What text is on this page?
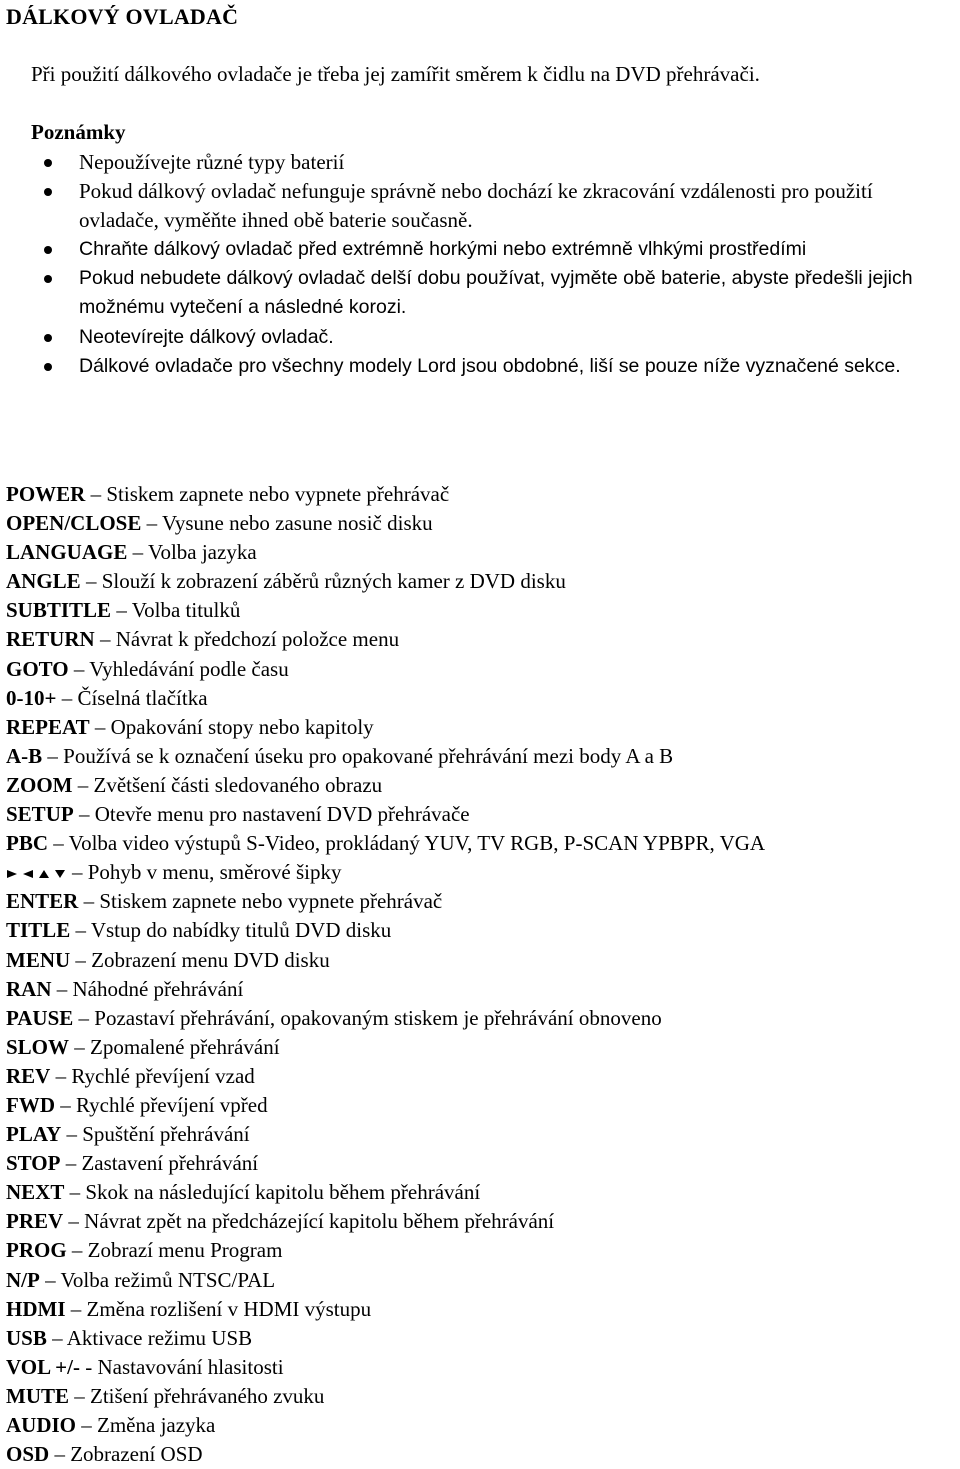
DÁLKOVÝ OVLADAČ

Při použití dálkového ovladače je třeba jej zamířit směrem k čidlu na DVD přehrávači.

Poznámky

Nepoužívejte různé typy baterií
Pokud dálkový ovladač nefunguje správně nebo dochází ke zkracování vzdálenosti pro použití ovladače, vyměňte ihned obě baterie současně.
Chraňte dálkový ovladač před extrémně horkými nebo extrémně vlhkými prostředími
Pokud nebudete dálkový ovladač delší dobu používat, vyjměte obě baterie, abyste předešli jejich možnému vytečení a následné korozi.
Neotevírejte dálkový ovladač.
Dálkové ovladače pro všechny modely Lord jsou obdobné, liší se pouze níže vyznačené sekce.
POWER – Stiskem zapnete nebo vypnete přehrávač
OPEN/CLOSE – Vysune nebo zasune nosič disku
LANGUAGE – Volba jazyka
ANGLE – Slouží k zobrazení záběrů různých kamer z DVD disku
SUBTITLE – Volba titulků
RETURN – Návrat k předchozí položce menu
GOTO – Vyhledávání podle času
0-10+ – Číselná tlačítka
REPEAT – Opakování stopy nebo kapitoly
A-B – Používá se k označení úseku pro opakované přehrávání mezi body A a B
ZOOM – Zvětšení části sledovaného obrazu
SETUP – Otevře menu pro nastavení DVD přehrávače
PBC – Volba video výstupů S-Video, prokládaný YUV, TV RGB, P-SCAN YPBPR, VGA
– Pohyb v menu, směrové šipky
ENTER – Stiskem zapnete nebo vypnete přehrávač
TITLE – Vstup do nabídky titulů DVD disku
MENU – Zobrazení menu DVD disku
RAN – Náhodné přehrávání
PAUSE – Pozastaví přehrávání, opakovaným stiskem je přehrávání obnoveno
SLOW – Zpomalené přehrávání
REV – Rychlé převíjení vzad
FWD – Rychlé převíjení vpřed
PLAY – Spuštění přehrávání
STOP – Zastavení přehrávání
NEXT – Skok na následující kapitolu během přehrávání
PREV – Návrat zpět na předcházející kapitolu během přehrávání
PROG – Zobrazí menu Program
N/P – Volba režimů NTSC/PAL
HDMI – Změna rozlišení v HDMI výstupu
USB – Aktivace režimu USB
VOL +/- - Nastavování hlasitosti
MUTE – Ztišení přehrávaného zvuku
AUDIO – Změna jazyka
OSD – Zobrazení OSD
